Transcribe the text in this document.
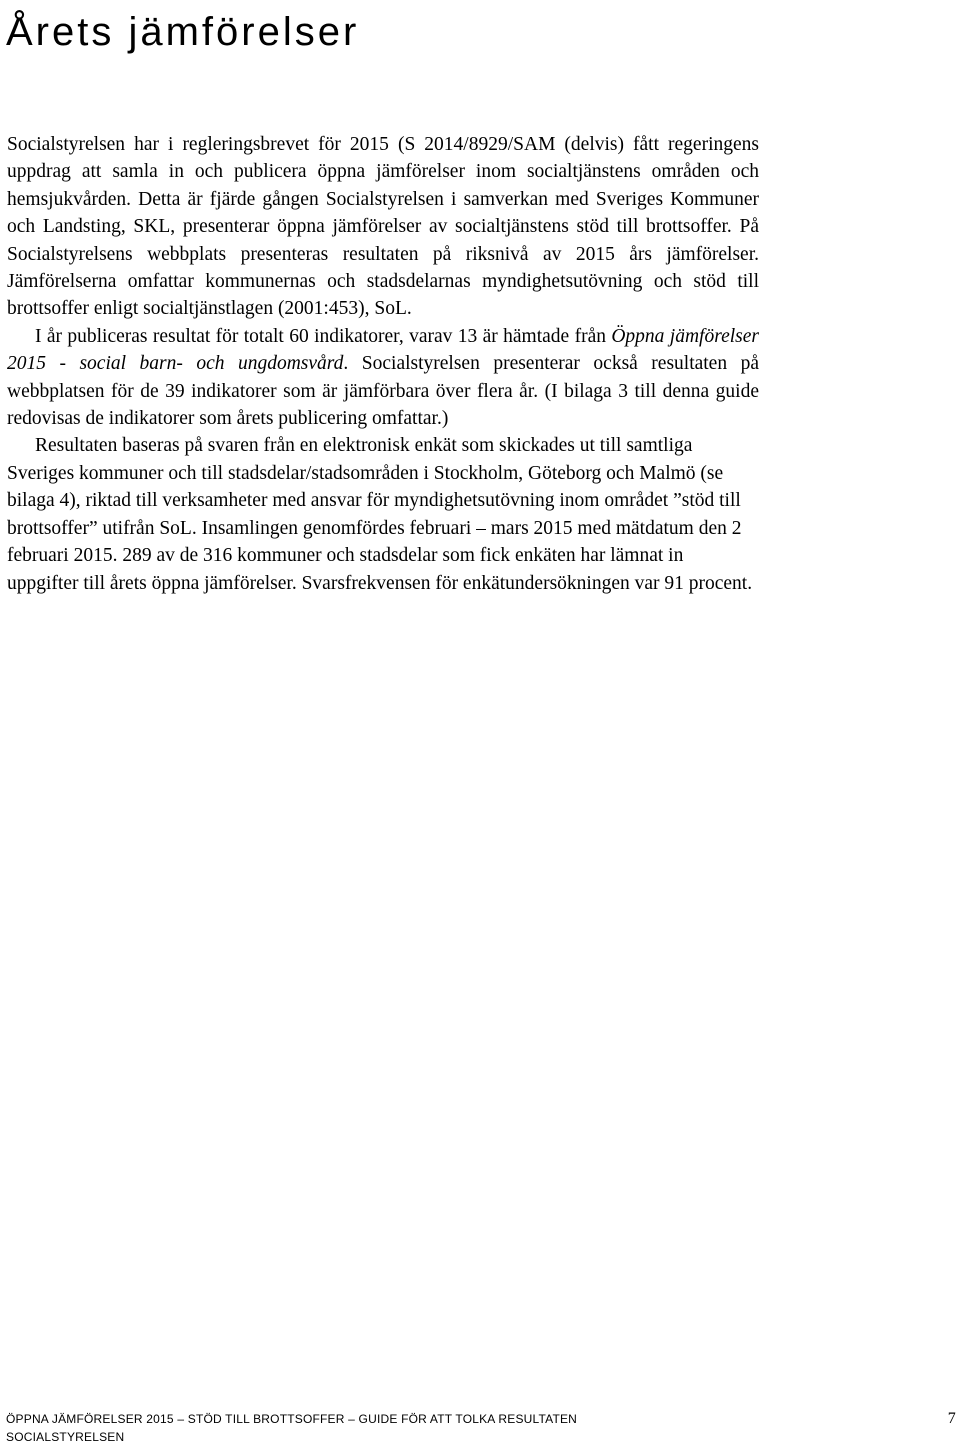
Årets jämförelser

Socialstyrelsen har i regleringsbrevet för 2015 (S 2014/8929/SAM (delvis) fått regeringens uppdrag att samla in och publicera öppna jämförelser inom socialtjänstens områden och hemsjukvården. Detta är fjärde gången Socialstyrelsen i samverkan med Sveriges Kommuner och Landsting, SKL, presenterar öppna jämförelser av socialtjänstens stöd till brottsoffer. På Socialstyrelsens webbplats presenteras resultaten på riksnivå av 2015 års jämförelser. Jämförelserna omfattar kommunernas och stadsdelarnas myndighetsutövning och stöd till brottsoffer enligt socialtjänstlagen (2001:453), SoL.

I år publiceras resultat för totalt 60 indikatorer, varav 13 är hämtade från Öppna jämförelser 2015 - social barn- och ungdomsvård. Socialstyrelsen presenterar också resultaten på webbplatsen för de 39 indikatorer som är jämförbara över flera år. (I bilaga 3 till denna guide redovisas de indikatorer som årets publicering omfattar.)

Resultaten baseras på svaren från en elektronisk enkät som skickades ut till samtliga Sveriges kommuner och till stadsdelar/stadsområden i Stockholm, Göteborg och Malmö (se bilaga 4), riktad till verksamheter med ansvar för myndighetsutövning inom området ”stöd till brottsoffer” utifrån SoL. Insamlingen genomfördes februari – mars 2015 med mätdatum den 2 februari 2015. 289 av de 316 kommuner och stadsdelar som fick enkäten har lämnat in uppgifter till årets öppna jämförelser. Svarsfrekvensen för enkätundersökningen var 91 procent.

ÖPPNA JÄMFÖRELSER 2015 – STÖD TILL BROTTSOFFER – GUIDE FÖR ATT TOLKA RESULTATEN
SOCIALSTYRELSEN
7
